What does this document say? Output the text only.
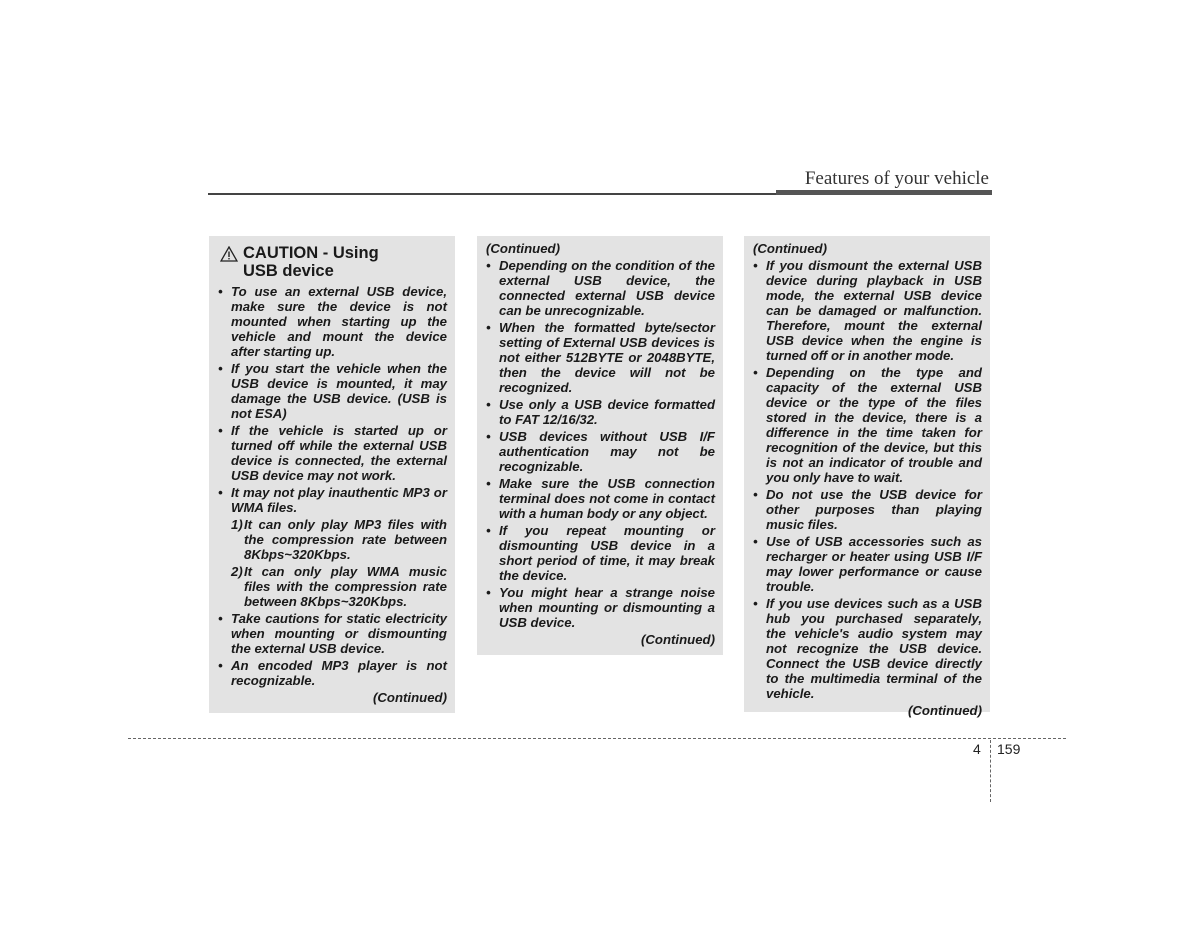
Features of your vehicle
CAUTION - Using USB device
• To use an external USB device, make sure the device is not mounted when starting up the vehicle and mount the device after starting up.
• If you start the vehicle when the USB device is mounted, it may damage the USB device. (USB is not ESA)
• If the vehicle is started up or turned off while the external USB device is connected, the external USB device may not work.
• It may not play inauthentic MP3 or WMA files.
1) It can only play MP3 files with the compression rate between 8Kbps~320Kbps.
2) It can only play WMA music files with the compression rate between 8Kbps~320Kbps.
• Take cautions for static electricity when mounting or dismounting the external USB device.
• An encoded MP3 player is not recognizable.
(Continued)
(Continued)
• Depending on the condition of the external USB device, the connected external USB device can be unrecognizable.
• When the formatted byte/sector setting of External USB devices is not either 512BYTE or 2048BYTE, then the device will not be recognized.
• Use only a USB device formatted to FAT 12/16/32.
• USB devices without USB I/F authentication may not be recognizable.
• Make sure the USB connection terminal does not come in contact with a human body or any object.
• If you repeat mounting or dismounting USB device in a short period of time, it may break the device.
• You might hear a strange noise when mounting or dismounting a USB device.
(Continued)
(Continued)
• If you dismount the external USB device during playback in USB mode, the external USB device can be damaged or malfunction. Therefore, mount the external USB device when the engine is turned off or in another mode.
• Depending on the type and capacity of the external USB device or the type of the files stored in the device, there is a difference in the time taken for recognition of the device, but this is not an indicator of trouble and you only have to wait.
• Do not use the USB device for other purposes than playing music files.
• Use of USB accessories such as recharger or heater using USB I/F may lower performance or cause trouble.
• If you use devices such as a USB hub you purchased separately, the vehicle's audio system may not recognize the USB device. Connect the USB device directly to the multimedia terminal of the vehicle.
(Continued)
4 159
